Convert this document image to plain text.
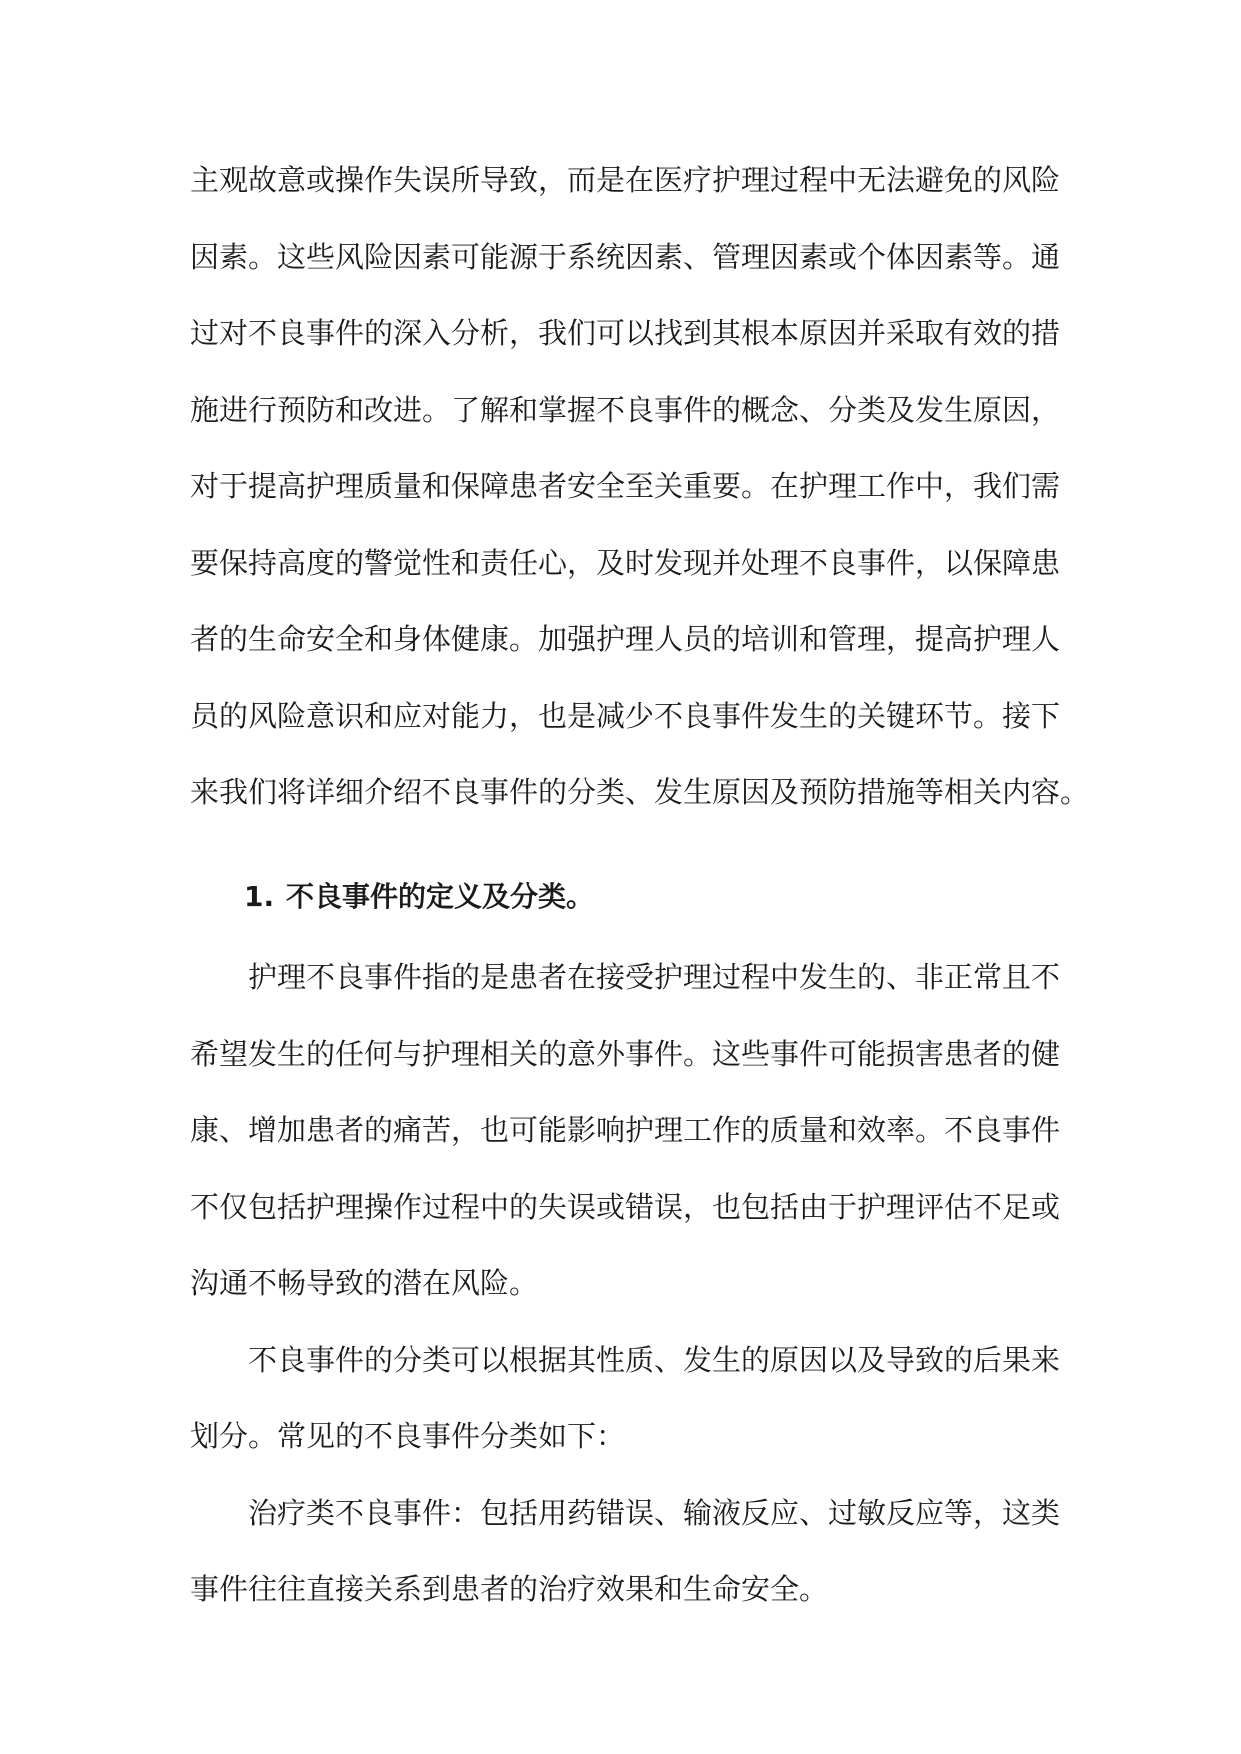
主观故意或操作失误所导致，而是在医疗护理过程中无法避免的风险
因素。这些风险因素可能源于系统因素、管理因素或个体因素等。通
过对不良事件的深入分析，我们可以找到其根本原因并采取有效的措
施进行预防和改进。了解和掌握不良事件的概念、分类及发生原因，
对于提高护理质量和保障患者安全至关重要。在护理工作中，我们需
要保持高度的警觉性和责任心，及时发现并处理不良事件，以保障患
者的生命安全和身体健康。加强护理人员的培训和管理，提高护理人
员的风险意识和应对能力，也是减少不良事件发生的关键环节。接下
来我们将详细介绍不良事件的分类、发生原因及预防措施等相关内容。
1. 不良事件的定义及分类。
护理不良事件指的是患者在接受护理过程中发生的、非正常且不
希望发生的任何与护理相关的意外事件。这些事件可能损害患者的健
康、增加患者的痛苦，也可能影响护理工作的质量和效率。不良事件
不仅包括护理操作过程中的失误或错误，也包括由于护理评估不足或
沟通不畅导致的潜在风险。
不良事件的分类可以根据其性质、发生的原因以及导致的后果来
划分。常见的不良事件分类如下：
治疗类不良事件：包括用药错误、输液反应、过敏反应等，这类
事件往往直接关系到患者的治疗效果和生命安全。
